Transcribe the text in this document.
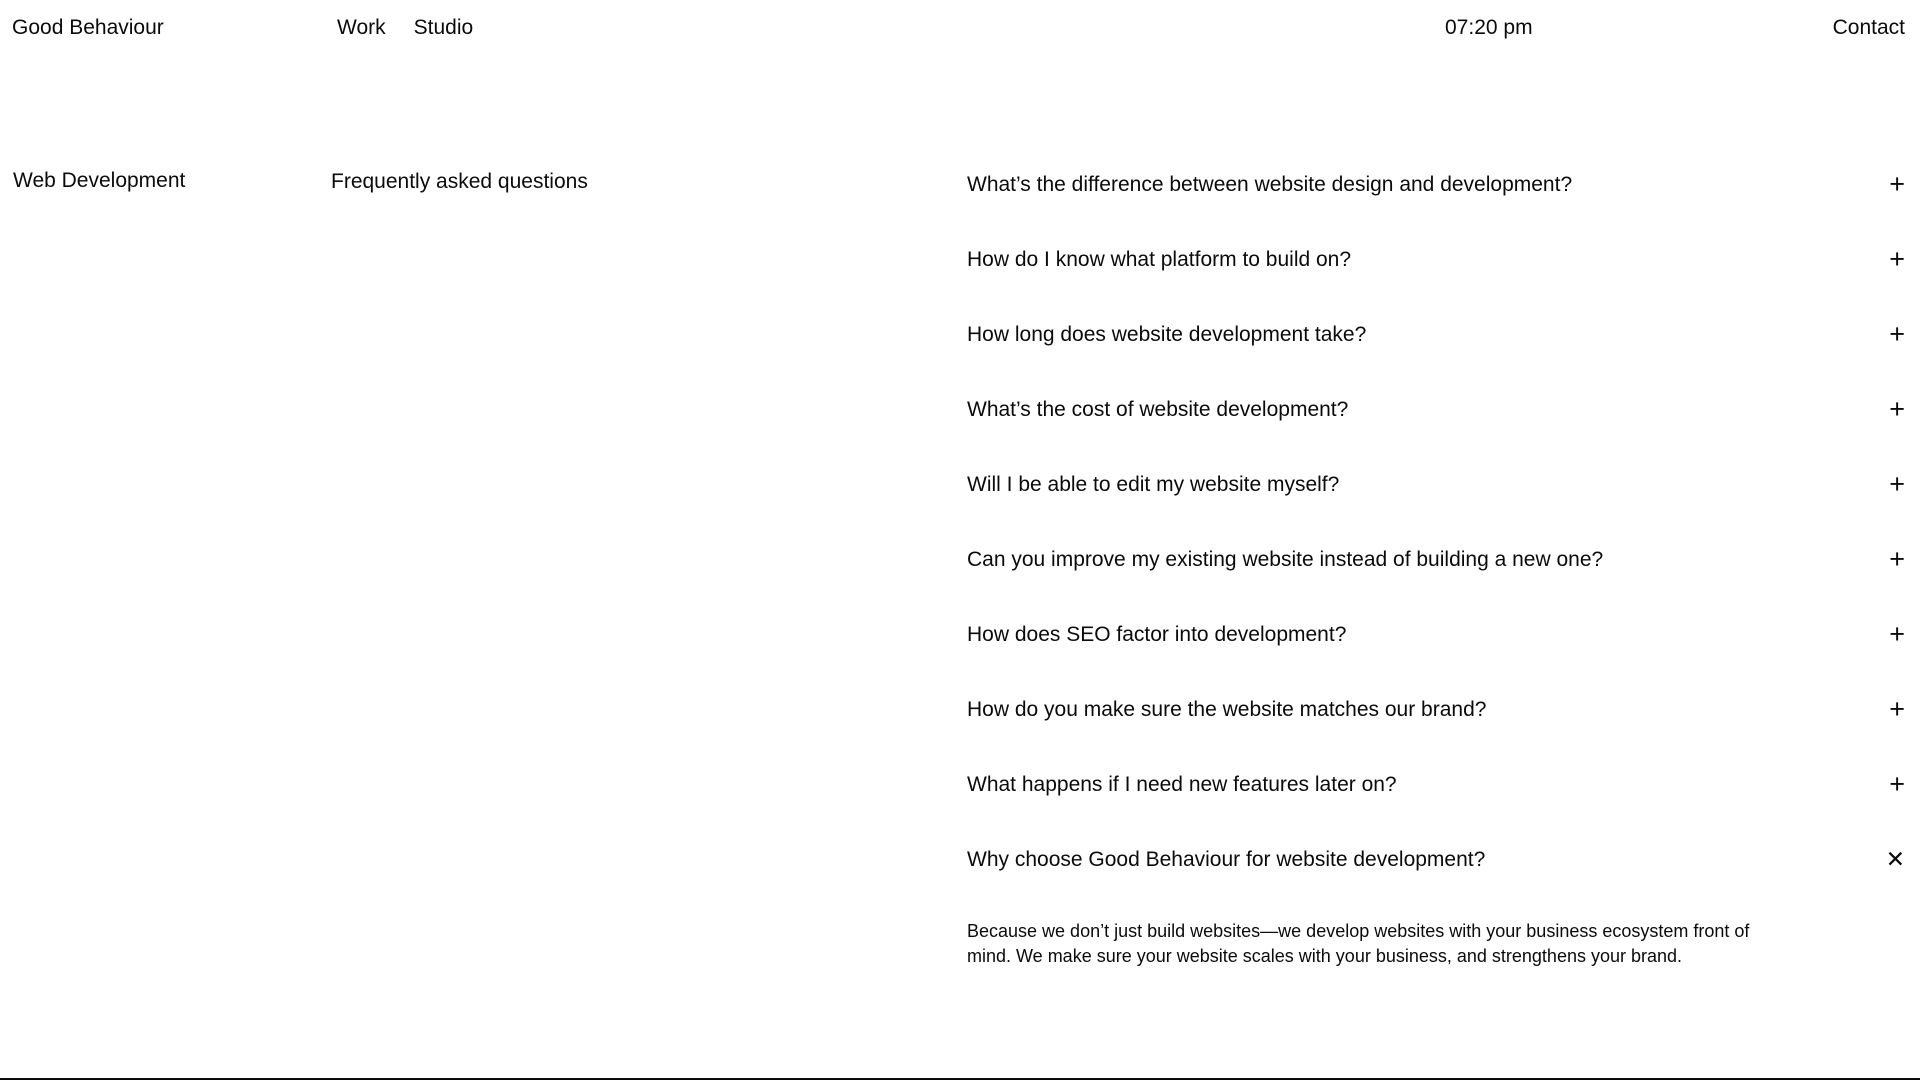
Good Behaviour	Work Studio	07:20 pm	Contact
Web Development	Frequently asked questions	What’s the difference between website design and development?	+
How do I know what platform to build on?	+
How long does website development take?	+
What’s the cost of website development?	+
Will I be able to edit my website myself?	+
Can you improve my existing website instead of building a new one?	+
How does SEO factor into development?	+
How do you make sure the website matches our brand?	+
What happens if I need new features later on?	+
Why choose Good Behaviour for website development?	✕
Because we don’t just build websites—we develop websites with your business ecosystem front of mind. We make sure your website scales with your business, and strengthens your brand.
